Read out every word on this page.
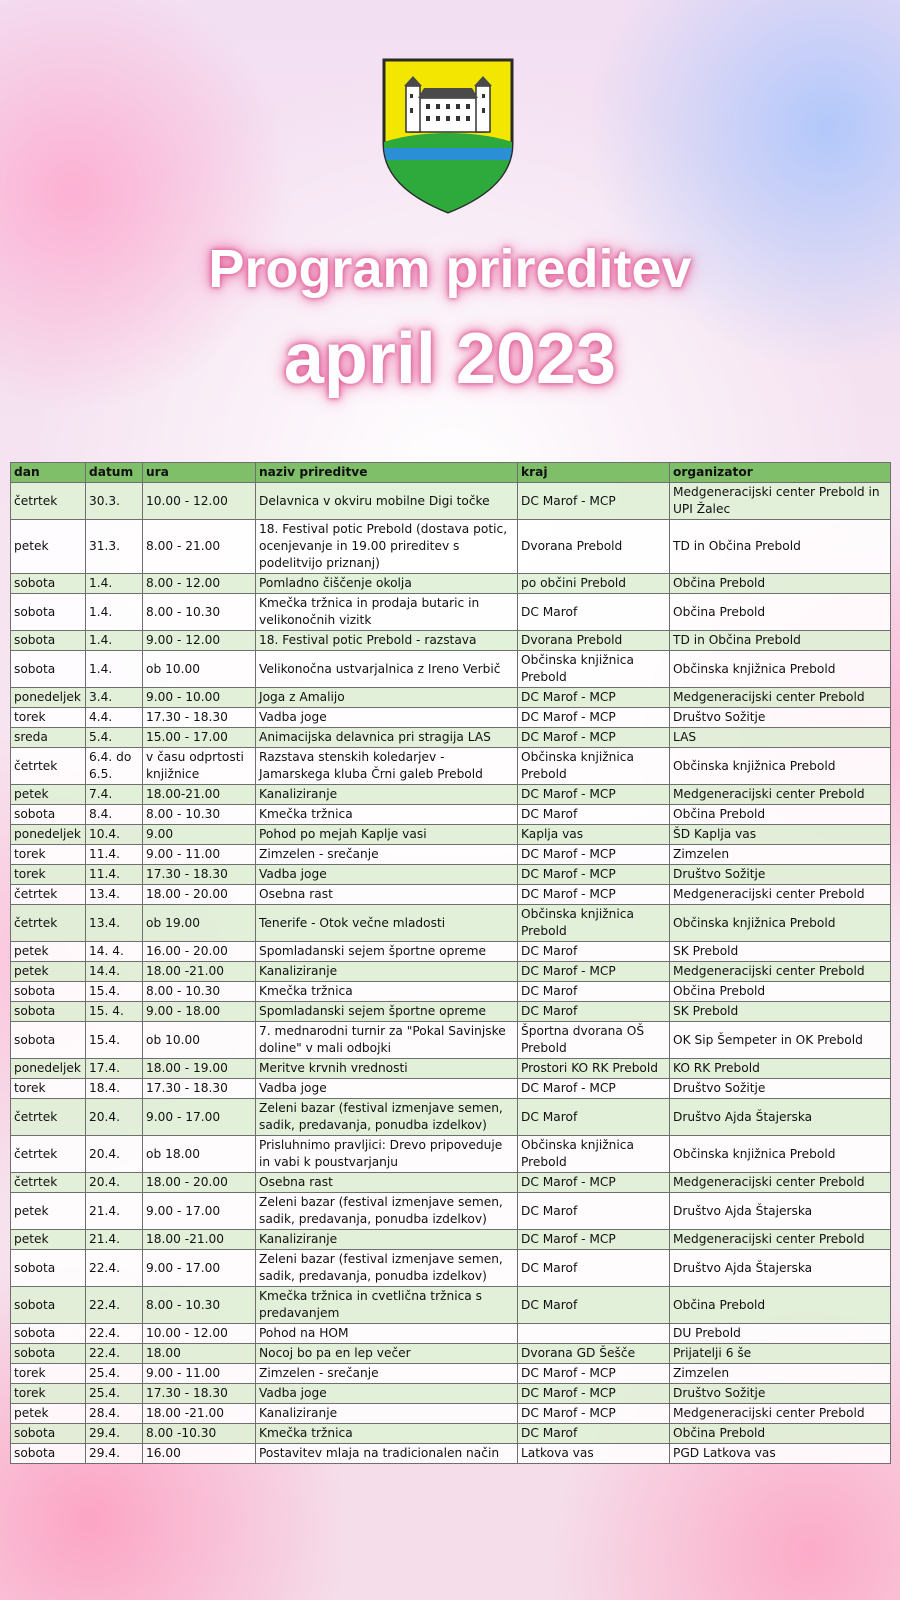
Program prireditev
april 2023
dan	datum	ura	naziv prireditve	kraj	organizator
četrtek	30.3.	10.00 - 12.00	Delavnica v okviru mobilne Digi točke	DC Marof - MCP	Medgeneracijski center Prebold in UPI Žalec
petek	31.3.	8.00 - 21.00	18. Festival potic Prebold (dostava potic, ocenjevanje in 19.00 prireditev s podelitvijo priznanj)	Dvorana Prebold	TD in Občina Prebold
sobota	1.4.	8.00 - 12.00	Pomladno čiščenje okolja	po občini Prebold	Občina Prebold
sobota	1.4.	8.00 - 10.30	Kmečka tržnica in prodaja butaric in velikonočnih vizitk	DC Marof	Občina Prebold
sobota	1.4.	9.00 - 12.00	18. Festival potic Prebold - razstava	Dvorana Prebold	TD in Občina Prebold
sobota	1.4.	ob 10.00	Velikonočna ustvarjalnica z Ireno Verbič	Občinska knjižnica Prebold	Občinska knjižnica Prebold
ponedeljek	3.4.	9.00 - 10.00	Joga z Amalijo	DC Marof - MCP	Medgeneracijski center Prebold
torek	4.4.	17.30 - 18.30	Vadba joge	DC Marof - MCP	Društvo Sožitje
sreda	5.4.	15.00 - 17.00	Animacijska delavnica pri stragija LAS	DC Marof - MCP	LAS
četrtek	6.4. do 6.5.	v času odprtosti knjižnice	Razstava stenskih koledarjev - Jamarskega kluba Črni galeb Prebold	Občinska knjižnica Prebold	Občinska knjižnica Prebold
petek	7.4.	18.00-21.00	Kanaliziranje	DC Marof - MCP	Medgeneracijski center Prebold
sobota	8.4.	8.00 - 10.30	Kmečka tržnica	DC Marof	Občina Prebold
ponedeljek	10.4.	9.00	Pohod po mejah Kaplje vasi	Kaplja vas	ŠD Kaplja vas
torek	11.4.	9.00 - 11.00	Zimzelen - srečanje	DC Marof - MCP	Zimzelen
torek	11.4.	17.30 - 18.30	Vadba joge	DC Marof - MCP	Društvo Sožitje
četrtek	13.4.	18.00 - 20.00	Osebna rast	DC Marof - MCP	Medgeneracijski center Prebold
četrtek	13.4.	ob 19.00	Tenerife - Otok večne mladosti	Občinska knjižnica Prebold	Občinska knjižnica Prebold
petek	14. 4.	16.00 - 20.00	Spomladanski sejem športne opreme	DC Marof	SK Prebold
petek	14.4.	18.00 -21.00	Kanaliziranje	DC Marof - MCP	Medgeneracijski center Prebold
sobota	15.4.	8.00 - 10.30	Kmečka tržnica	DC Marof	Občina Prebold
sobota	15. 4.	9.00 - 18.00	Spomladanski sejem športne opreme	DC Marof	SK Prebold
sobota	15.4.	ob 10.00	7. mednarodni turnir za "Pokal Savinjske doline" v mali odbojki	Športna dvorana OŠ Prebold	OK Sip Šempeter in OK Prebold
ponedeljek	17.4.	18.00 - 19.00	Meritve krvnih vrednosti	Prostori KO RK Prebold	KO RK Prebold
torek	18.4.	17.30 - 18.30	Vadba joge	DC Marof - MCP	Društvo Sožitje
četrtek	20.4.	9.00 - 17.00	Zeleni bazar (festival izmenjave semen, sadik, predavanja, ponudba izdelkov)	DC Marof	Društvo Ajda Štajerska
četrtek	20.4.	ob 18.00	Prisluhnimo pravljici: Drevo pripoveduje in vabi k poustvarjanju	Občinska knjižnica Prebold	Občinska knjižnica Prebold
četrtek	20.4.	18.00 - 20.00	Osebna rast	DC Marof - MCP	Medgeneracijski center Prebold
petek	21.4.	9.00 - 17.00	Zeleni bazar (festival izmenjave semen, sadik, predavanja, ponudba izdelkov)	DC Marof	Društvo Ajda Štajerska
petek	21.4.	18.00 -21.00	Kanaliziranje	DC Marof - MCP	Medgeneracijski center Prebold
sobota	22.4.	9.00 - 17.00	Zeleni bazar (festival izmenjave semen, sadik, predavanja, ponudba izdelkov)	DC Marof	Društvo Ajda Štajerska
sobota	22.4.	8.00 - 10.30	Kmečka tržnica in cvetlična tržnica s predavanjem	DC Marof	Občina Prebold
sobota	22.4.	10.00 - 12.00	Pohod na HOM		DU Prebold
sobota	22.4.	18.00	Nocoj bo pa en lep večer	Dvorana GD Šešče	Prijatelji 6 še
torek	25.4.	9.00 - 11.00	Zimzelen - srečanje	DC Marof - MCP	Zimzelen
torek	25.4.	17.30 - 18.30	Vadba joge	DC Marof - MCP	Društvo Sožitje
petek	28.4.	18.00 -21.00	Kanaliziranje	DC Marof - MCP	Medgeneracijski center Prebold
sobota	29.4.	8.00 -10.30	Kmečka tržnica	DC Marof	Občina Prebold
sobota	29.4.	16.00	Postavitev mlaja na tradicionalen način	Latkova vas	PGD Latkova vas
